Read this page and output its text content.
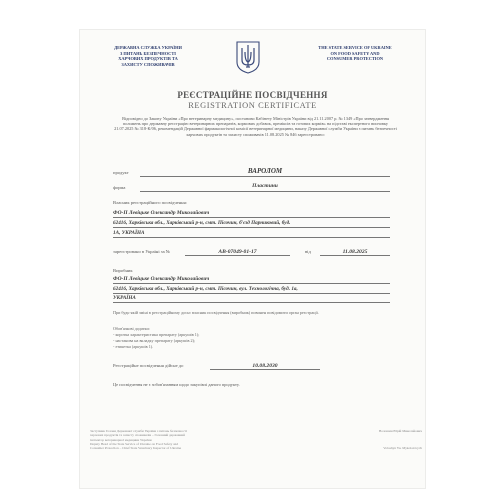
ДЕРЖАВНА СЛУЖБА УКРАЇНИ
З ПИТАНЬ БЕЗПЕЧНОСТІ
ХАРЧОВИХ ПРОДУКТІВ ТА
ЗАХИСТУ СПОЖИВАЧІВ
THE STATE SERVICE OF UKRAINE
ON FOOD SAFETY AND
CONSUMER PROTECTION
РЕЄСТРАЦІЙНЕ ПОСВІДЧЕННЯ
REGISTRATION CERTIFICATE
Відповідно до Закону України «Про ветеринарну медицину», постанови Кабінету Міністрів України від 21.11.2007 р. № 1349 «Про затвердження положень про державну реєстрацію ветеринарних препаратів, кормових добавок, преміксів та готових кормів» на підставі експертного висновку 21.07.2025 № 318-К/06, рекомендацій Державної фармакологічної комісії ветеринарної медицини, наказу Державної служби України з питань безпечності харчових продуктів та захисту споживачів 11.08.2025 № 846 зареєстровано:
продукт	ВАРОЛОМ
форма	Пластини
Власник реєстраційного посвідчення:
ФО-П Левіцьке Олександр Миколайович
62416, Харківська обл., Харківський р-н, смт. Пісочин, б'єзд Парниковий, буд.
1А, УКРАЇНА
зареєстровано в Україні за №	AB-07049-01-17	від	11.08.2025
Виробник
ФО-П Левіцьке Олександр Миколайович
62416, Харківська обл., Харківський р-н, смт. Пісочин, вул. Технологічна, буд. 1а,
УКРАЇНА
При будь-якій зміні в реєстраційному досьє власник посвідчення (виробник) повинен повідомити орган реєстрації.
Обов'язкові додатки:
- коротка характеристика препарату (аркушів 1);
- настанова на вкладку препарату (аркушів 2);
- етикетка (аркушів 1).
Реєстраційне посвідчення дійсне до	10.08.2030
Це посвідчення не є зобов'язанням щодо закупівлі даного продукту.
Заступник Голови Державної служби України з питань безпечності
харчових продуктів та захисту споживачів – Головний державний
інспектор ветеринарної медицини України
Deputy Head of the State Service of Ukraine on Food Safety and
Consumer Protection – Chief State Veterinary Inspector of Ukraine
Волошин Юрій Миколайович
Voloshyn Yu. Mykolaiovych
